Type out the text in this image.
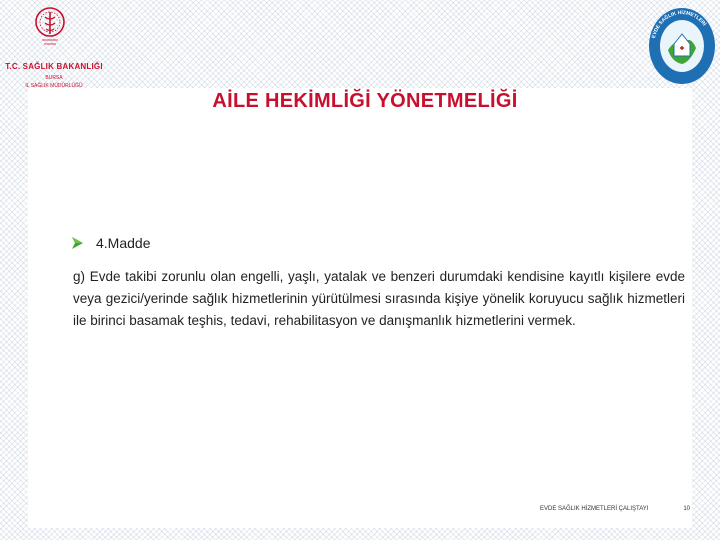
T.C. SAĞLIK BAKANLIĞI
BURSA
İL SAĞLIK MÜDÜRLÜĞÜ
EVDE SAĞLIK HİZMETLERİ
AİLE HEKİMLİĞİ YÖNETMELİĞİ
4.Madde
g) Evde takibi zorunlu olan engelli, yaşlı, yatalak ve benzeri durumdaki kendisine kayıtlı kişilere evde veya gezici/yerinde sağlık hizmetlerinin yürütülmesi sırasında kişiye yönelik koruyucu sağlık hizmetleri ile birinci basamak teşhis, tedavi, rehabilitasyon ve danışmanlık hizmetlerini vermek.
EVDE SAĞLIK HİZMETLERİ ÇALIŞTAYI	10
